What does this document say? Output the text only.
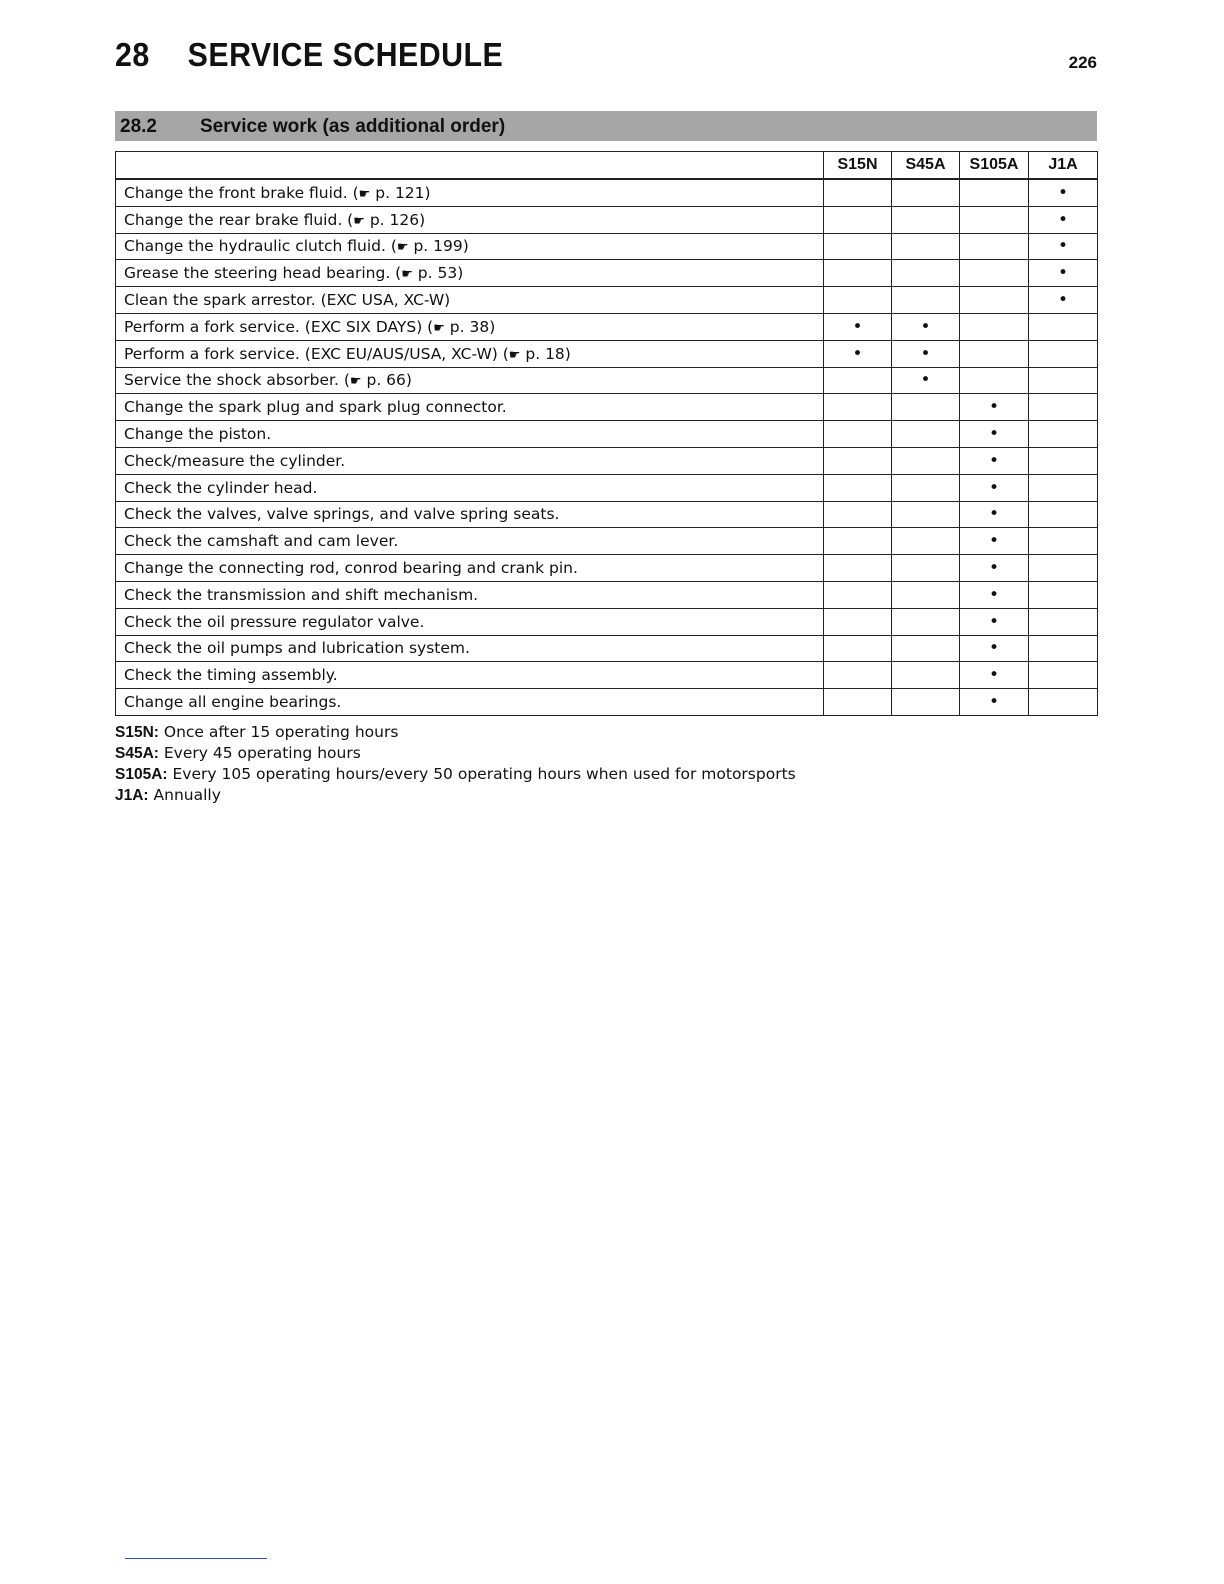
28 SERVICE SCHEDULE	226
28.2 Service work (as additional order)
	S15N	S45A	S105A	J1A
Change the front brake fluid. (☛ p. 121)				•
Change the rear brake fluid. (☛ p. 126)				•
Change the hydraulic clutch fluid. (☛ p. 199)				•
Grease the steering head bearing. (☛ p. 53)				•
Clean the spark arrestor. (EXC USA, XC-W)				•
Perform a fork service. (EXC SIX DAYS) (☛ p. 38)	•	•		
Perform a fork service. (EXC EU/AUS/USA, XC-W) (☛ p. 18)	•	•		
Service the shock absorber. (☛ p. 66)		•		
Change the spark plug and spark plug connector.			•	
Change the piston.			•	
Check/measure the cylinder.			•	
Check the cylinder head.			•	
Check the valves, valve springs, and valve spring seats.			•	
Check the camshaft and cam lever.			•	
Change the connecting rod, conrod bearing and crank pin.			•	
Check the transmission and shift mechanism.			•	
Check the oil pressure regulator valve.			•	
Check the oil pumps and lubrication system.			•	
Check the timing assembly.			•	
Change all engine bearings.			•	
S15N: Once after 15 operating hours
S45A: Every 45 operating hours
S105A: Every 105 operating hours/every 50 operating hours when used for motorsports
J1A: Annually
